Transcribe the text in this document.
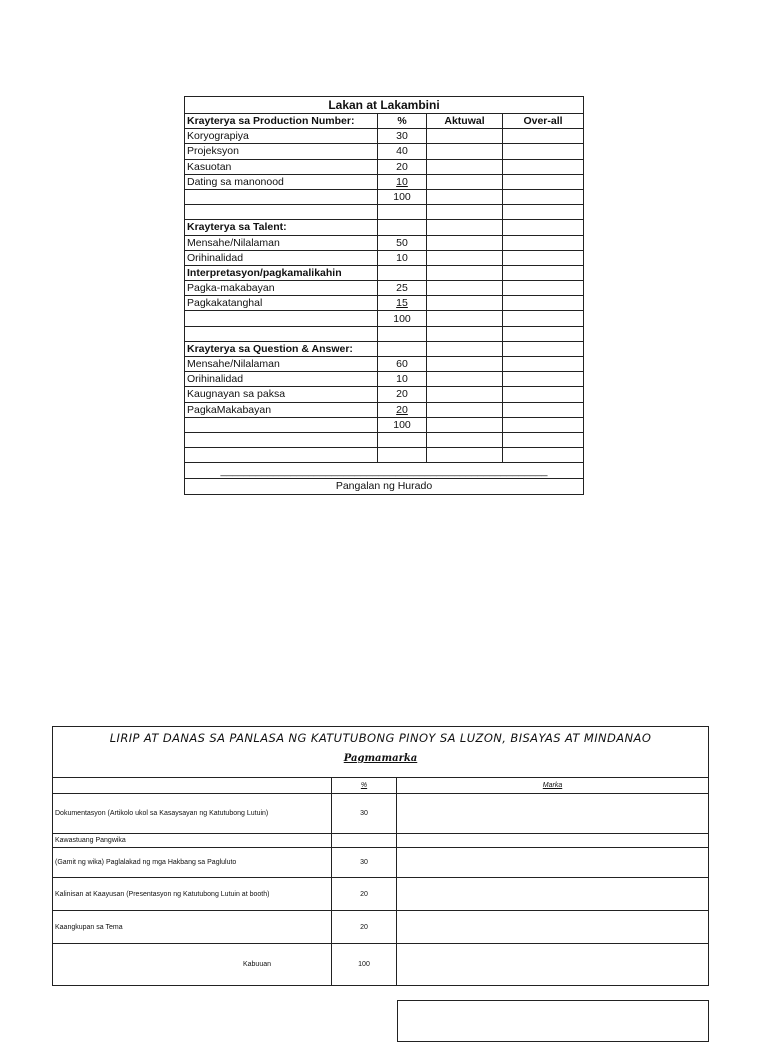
Lakan at Lakambini			
Krayterya sa Production Number:	%	Aktuwal	Over-all
Koryograpiya	30		
Projeksyon	40		
Kasuotan	20		
Dating sa manonood	10		
	100		

Krayterya sa Talent:			
Mensahe/Nilalaman	50		
Orihinalidad	10		
Interpretasyon/pagkamalikahin			
Pagka-makabayan	25		
Pagkakatanghal	15		
	100		

Krayterya sa Question & Answer:			
Mensahe/Nilalaman	60		
Orihinalidad	10		
Kaugnayan sa paksa	20		
PagkaMakabayan	20		
	100		

________________________________________________________			
Pangalan ng Hurado			
LIRIP AT DANAS SA PANLASA NG KATUTUBONG PINOY SA LUZON, BISAYAS AT MINDANAO
Pagmamarka		

	%	Marka
Dokumentasyon (Artikolo ukol sa Kasaysayan ng Katutubong Lutuin)	30	
Kawastuang Pangwika		
(Gamit ng wika) Paglalakad ng mga Hakbang sa Pagluluto	30	
Kalinisan at Kaayusan (Presentasyon ng Katutubong Lutuin at booth)	20	
Kaangkupan sa Tema	20	
Kabuuan	100	
